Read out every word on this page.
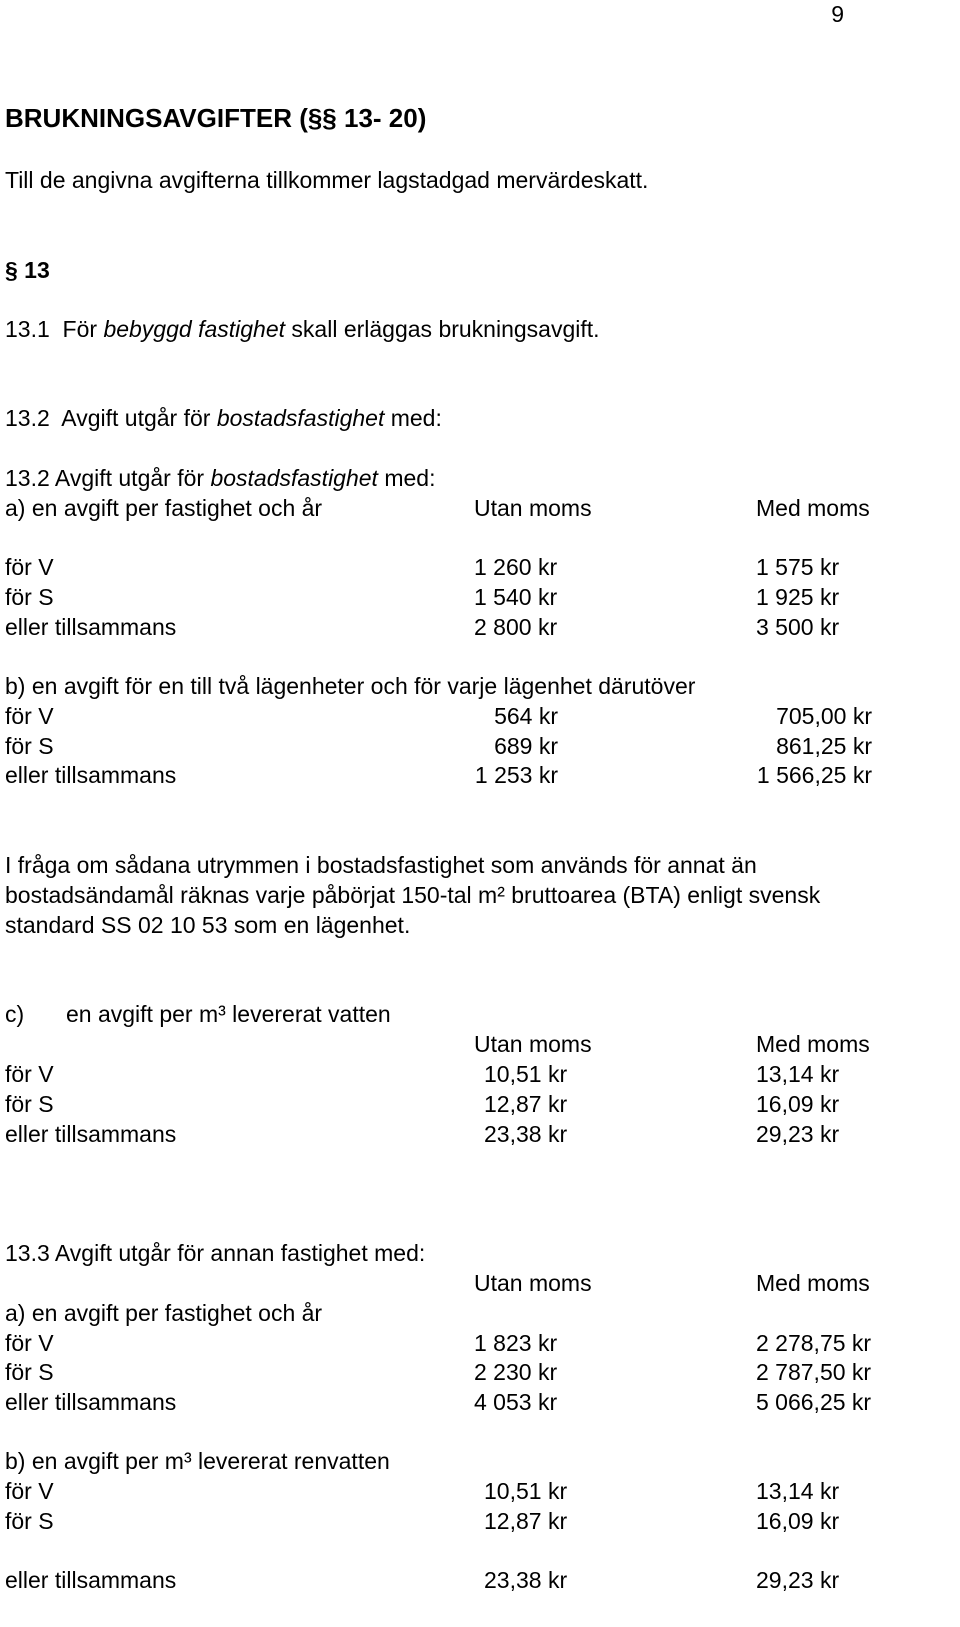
9
BRUKNINGSAVGIFTER (§§ 13- 20)
Till de angivna avgifterna tillkommer lagstadgad mervärdeskatt.
§ 13
13.1 För bebyggd fastighet skall erläggas brukningsavgift.
13.2 Avgift utgår för bostadsfastighet med:
13.2 Avgift utgår för bostadsfastighet med:
a) en avgift per fastighet och år	Utan moms	Med moms
för V	1 260 kr	1 575 kr
för S	1 540 kr	1 925 kr
eller tillsammans	2 800 kr	3 500 kr
b) en avgift för en till två lägenheter och för varje lägenhet därutöver
för V	564 kr	705,00 kr
för S	689 kr	861,25 kr
eller tillsammans	1 253 kr	1 566,25 kr
I fråga om sådana utrymmen i bostadsfastighet som används för annat än
bostadsändamål räknas varje påbörjat 150-tal m² bruttoarea (BTA) enligt svensk
standard SS 02 10 53 som en lägenhet.
c) en avgift per m³ levererat vatten
Utan moms	Med moms
för V	10,51 kr	13,14 kr
för S	12,87 kr	16,09 kr
eller tillsammans	23,38 kr	29,23 kr
13.3 Avgift utgår för annan fastighet med:
Utan moms	Med moms
a) en avgift per fastighet och år
för V	1 823 kr	2 278,75 kr
för S	2 230 kr	2 787,50 kr
eller tillsammans	4 053 kr	5 066,25 kr
b) en avgift per m³ levererat renvatten
för V	10,51 kr	13,14 kr
för S	12,87 kr	16,09 kr
eller tillsammans	23,38 kr	29,23 kr
